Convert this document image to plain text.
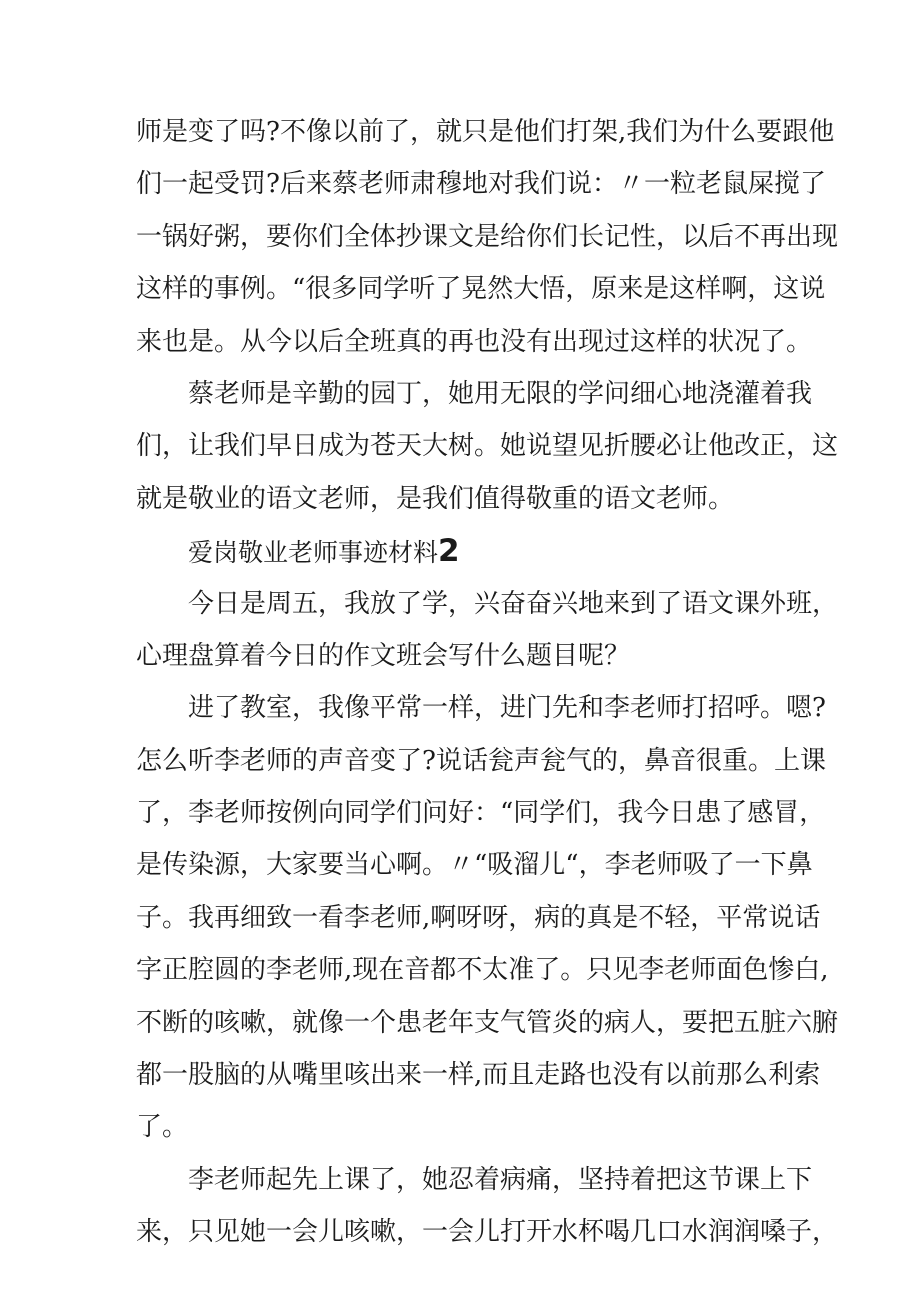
师是变了吗?不像以前了，就只是他们打架,我们为什么要跟他
们一起受罚?后来蔡老师肃穆地对我们说：〃一粒老鼠屎搅了
一锅好粥，要你们全体抄课文是给你们长记性，以后不再出现
这样的事例。“很多同学听了晃然大悟，原来是这样啊，这说
来也是。从今以后全班真的再也没有出现过这样的状况了。
蔡老师是辛勤的园丁，她用无限的学问细心地浇灌着我
们，让我们早日成为苍天大树。她说望见折腰必让他改正，这
就是敬业的语文老师，是我们值得敬重的语文老师。
爱岗敬业老师事迹材料2
今日是周五，我放了学，兴奋奋兴地来到了语文课外班，
心理盘算着今日的作文班会写什么题目呢？
进了教室，我像平常一样，进门先和李老师打招呼。嗯?
怎么听李老师的声音变了?说话瓮声瓮气的，鼻音很重。上课
了，李老师按例向同学们问好：“同学们，我今日患了感冒，
是传染源，大家要当心啊。〃“吸溜儿“，李老师吸了一下鼻
子。我再细致一看李老师,啊呀呀，病的真是不轻，平常说话
字正腔圆的李老师,现在音都不太准了。只见李老师面色惨白,
不断的咳嗽，就像一个患老年支气管炎的病人，要把五脏六腑
都一股脑的从嘴里咳出来一样,而且走路也没有以前那么利索
了。
李老师起先上课了，她忍着病痛，坚持着把这节课上下
来，只见她一会儿咳嗽，一会儿打开水杯喝几口水润润嗓子，
